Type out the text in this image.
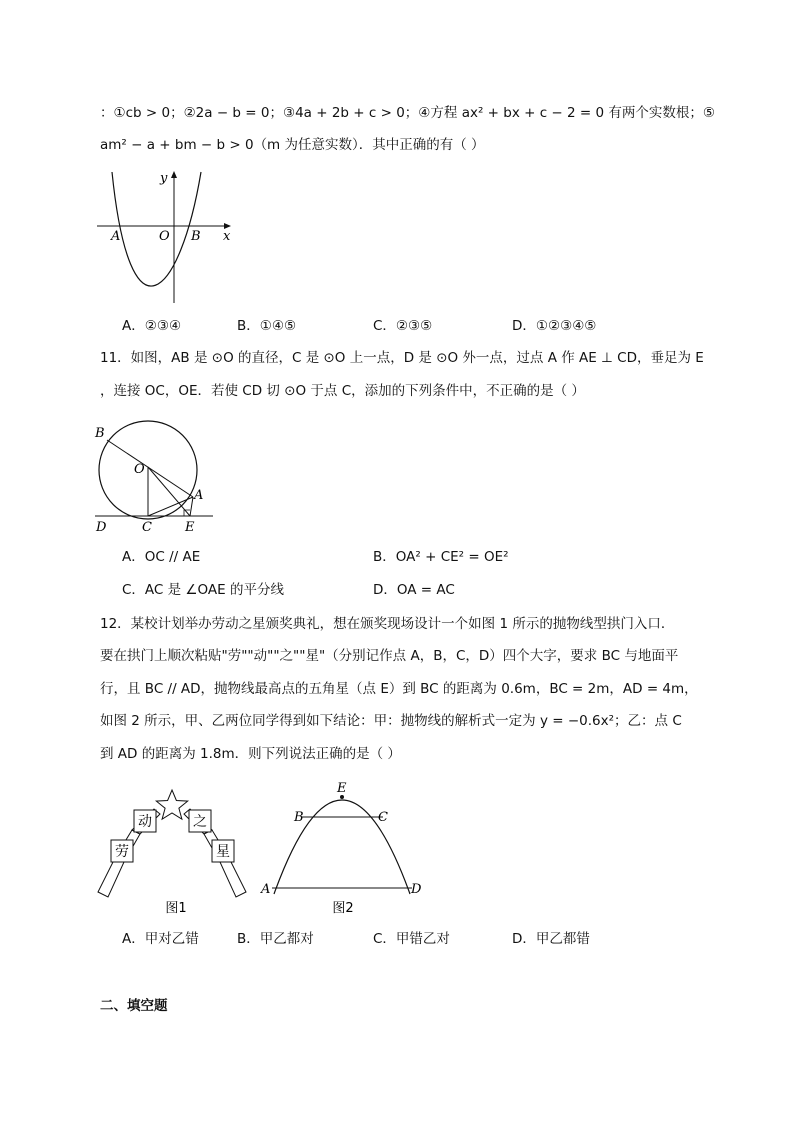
：①cb > 0；②2a − b = 0；③4a + 2b + c > 0；④方程 ax² + bx + c − 2 = 0 有两个实数根；⑤
am² − a + bm − b > 0（m 为任意实数）．其中正确的有（ ）
y
x
A	O B
A．②③④	B．①④⑤	C．②③⑤	D．①②③④⑤
11．如图，AB 是 ⊙O 的直径，C 是 ⊙O 上一点，D 是 ⊙O 外一点，过点 A 作 AE ⊥ CD，垂足为 E
，连接 OC，OE．若使 CD 切 ⊙O 于点 C，添加的下列条件中，不正确的是（ ）
B
O
A
D	C	E
A．OC // AE	B．OA² + CE² = OE²
C．AC 是 ∠OAE 的平分线	D．OA = AC
12．某校计划举办劳动之星颁奖典礼，想在颁奖现场设计一个如图 1 所示的抛物线型拱门入口．
要在拱门上顺次粘贴"劳""动""之""星"（分别记作点 A，B，C，D）四个大字，要求 BC 与地面平
行，且 BC // AD，抛物线最高点的五角星（点 E）到 BC 的距离为 0.6m，BC = 2m，AD = 4m，
如图 2 所示，甲、乙两位同学得到如下结论：甲：抛物线的解析式一定为 y = −0.6x²；乙：点 C
到 AD 的距离为 1.8m．则下列说法正确的是（ ）
动	之
劳	星
图1
E
B	C
A	D
图2
A．甲对乙错	B．甲乙都对	C．甲错乙对	D．甲乙都错
二、填空题
